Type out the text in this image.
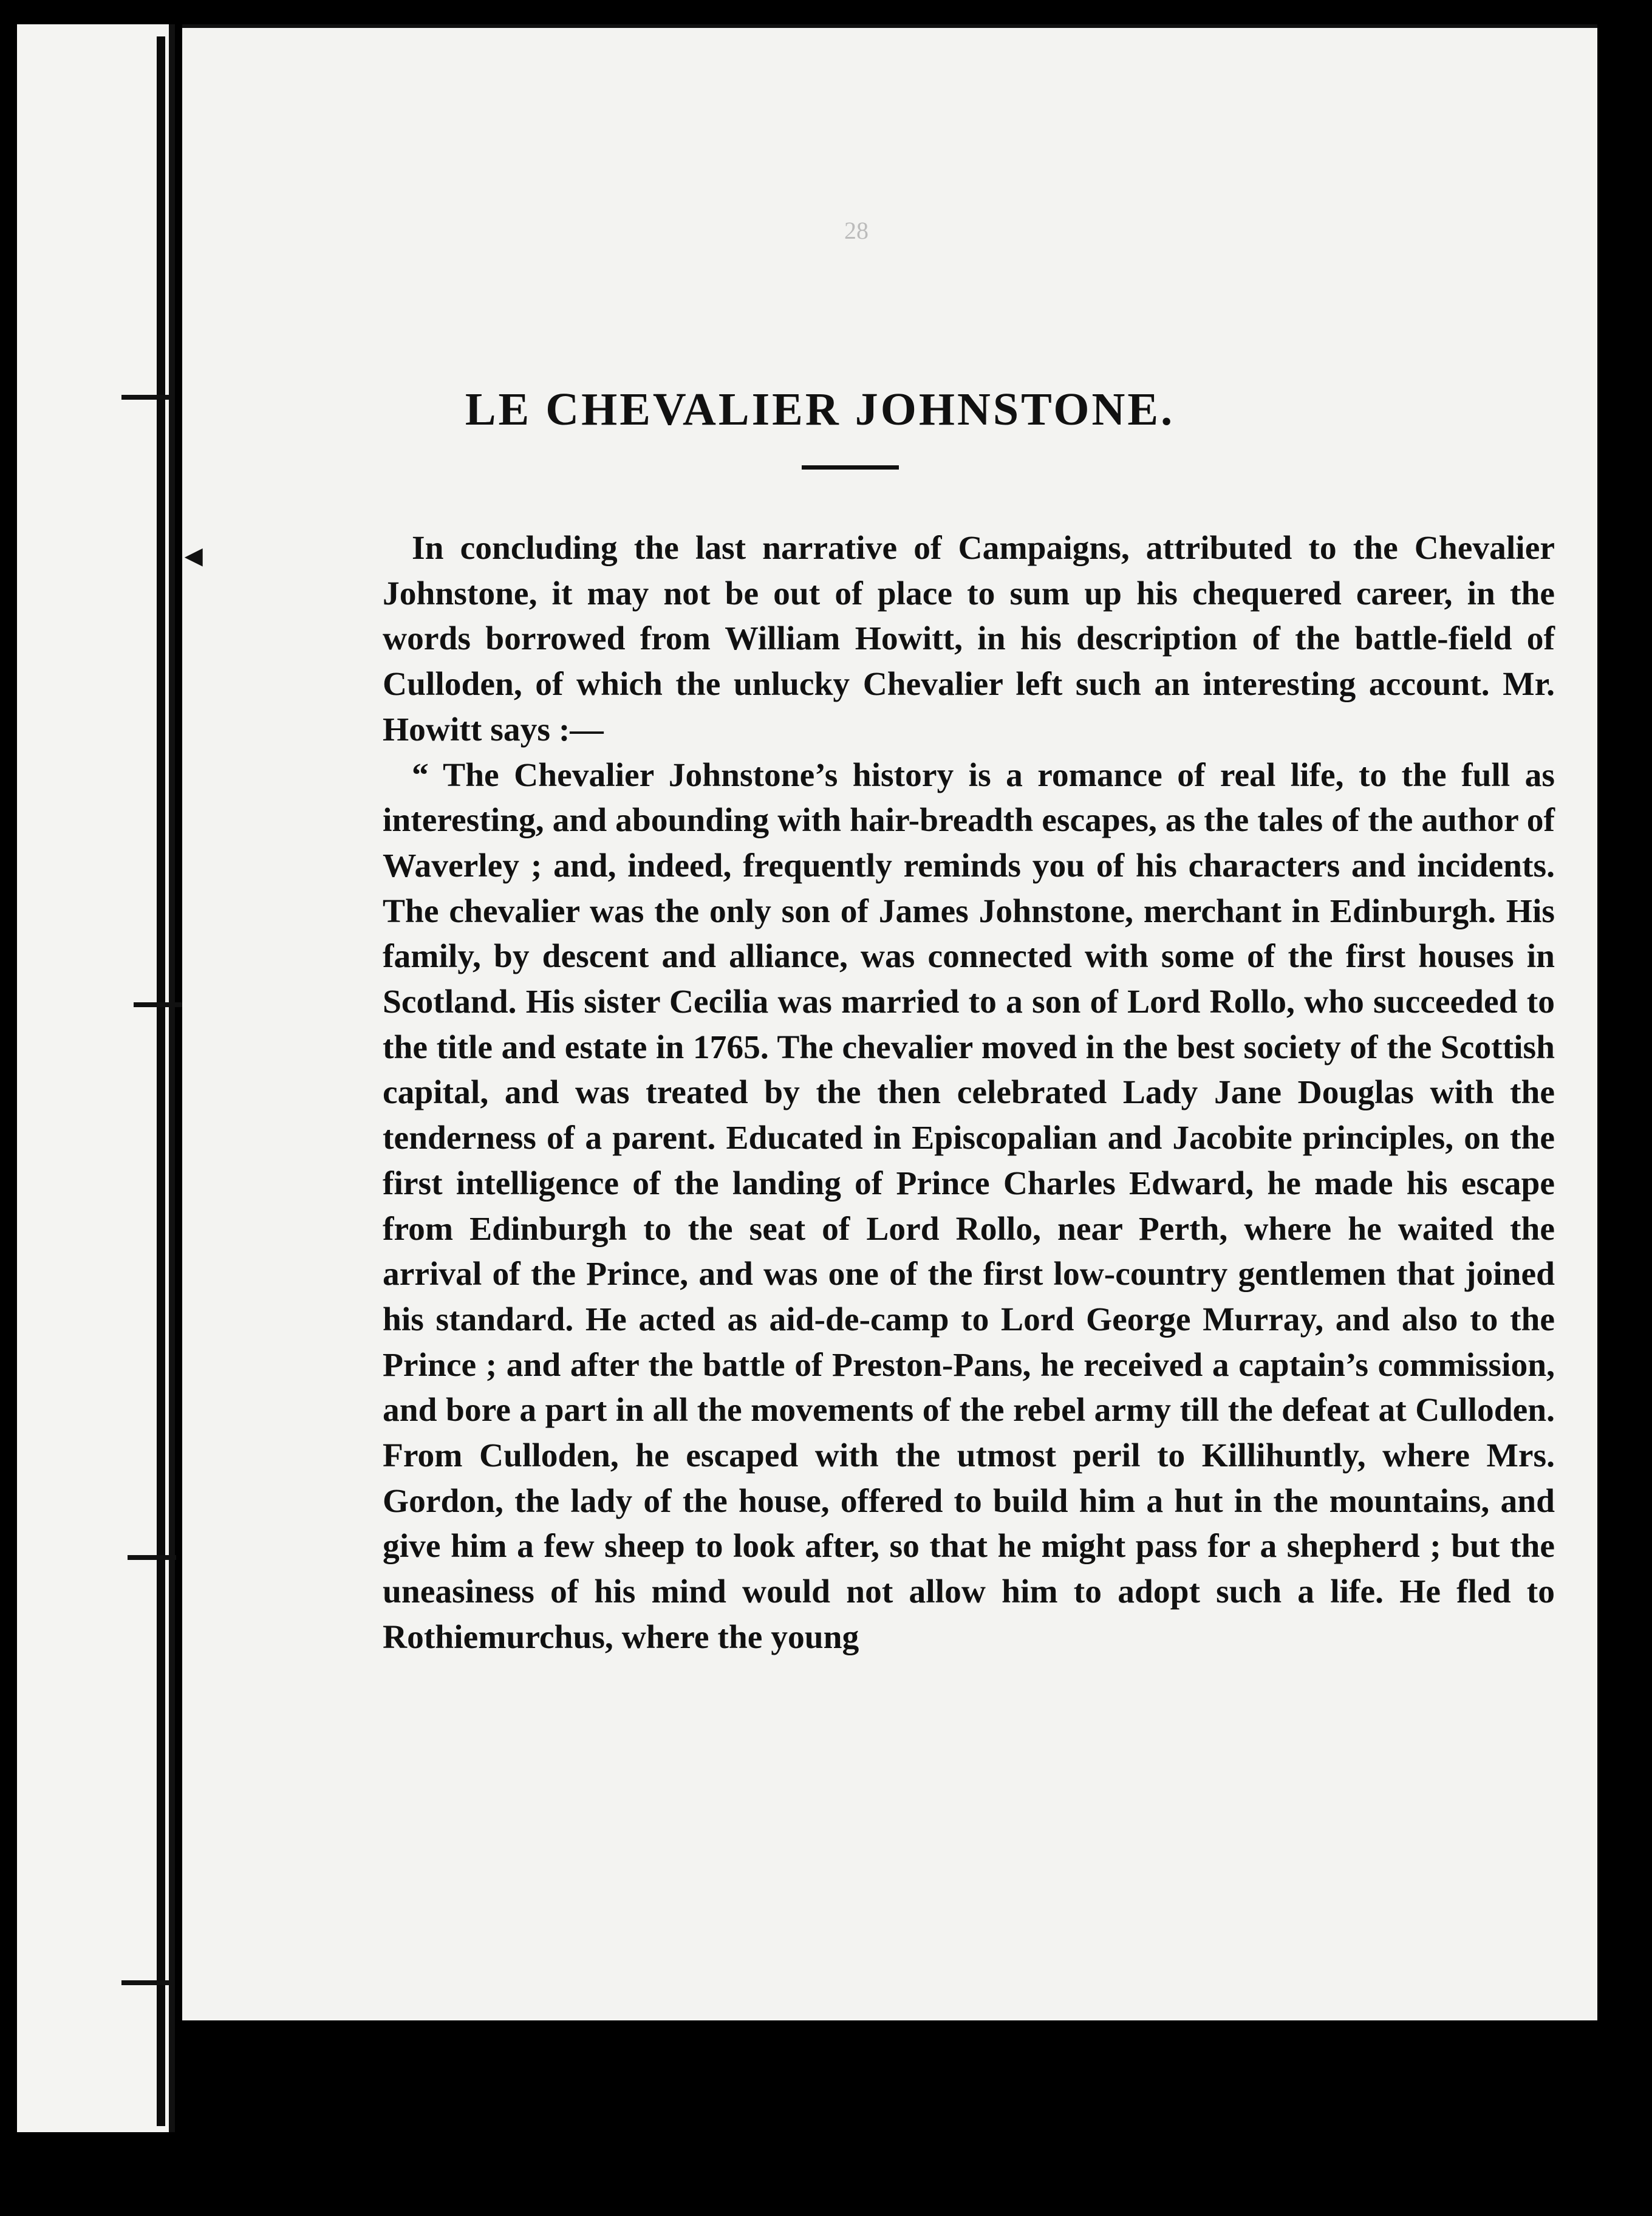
28
LE CHEVALIER JOHNSTONE.
◄	In concluding the last narrative of Campaigns, attributed to the Chevalier Johnstone, it may not be out of place to sum up his chequered career, in the words borrowed from William Howitt, in his description of the battle-field of Culloden, of which the unlucky Chevalier left such an interesting account. Mr. Howitt says :—

“ The Chevalier Johnstone’s history is a romance of real life, to the full as interesting, and abounding with hair-breadth escapes, as the tales of the author of Waverley ; and, indeed, frequently reminds you of his characters and incidents. The chevalier was the only son of James Johnstone, merchant in Edinburgh. His family, by descent and alliance, was connected with some of the first houses in Scotland. His sister Cecilia was married to a son of Lord Rollo, who succeeded to the title and estate in 1765. The chevalier moved in the best society of the Scottish capital, and was treated by the then celebrated Lady Jane Douglas with the tenderness of a parent. Educated in Episcopalian and Jacobite principles, on the first intelligence of the landing of Prince Charles Edward, he made his escape from Edinburgh to the seat of Lord Rollo, near Perth, where he waited the arrival of the Prince, and was one of the first low-country gentlemen that joined his standard. He acted as aid-de-camp to Lord George Murray, and also to the Prince ; and after the battle of Preston-Pans, he received a captain’s commission, and bore a part in all the movements of the rebel army till the defeat at Culloden. From Culloden, he escaped with the utmost peril to Killihuntly, where Mrs. Gordon, the lady of the house, offered to build him a hut in the mountains, and give him a few sheep to look after, so that he might pass for a shepherd ; but the uneasiness of his mind would not allow him to adopt such a life. He fled to Rothiemurchus, where the young
